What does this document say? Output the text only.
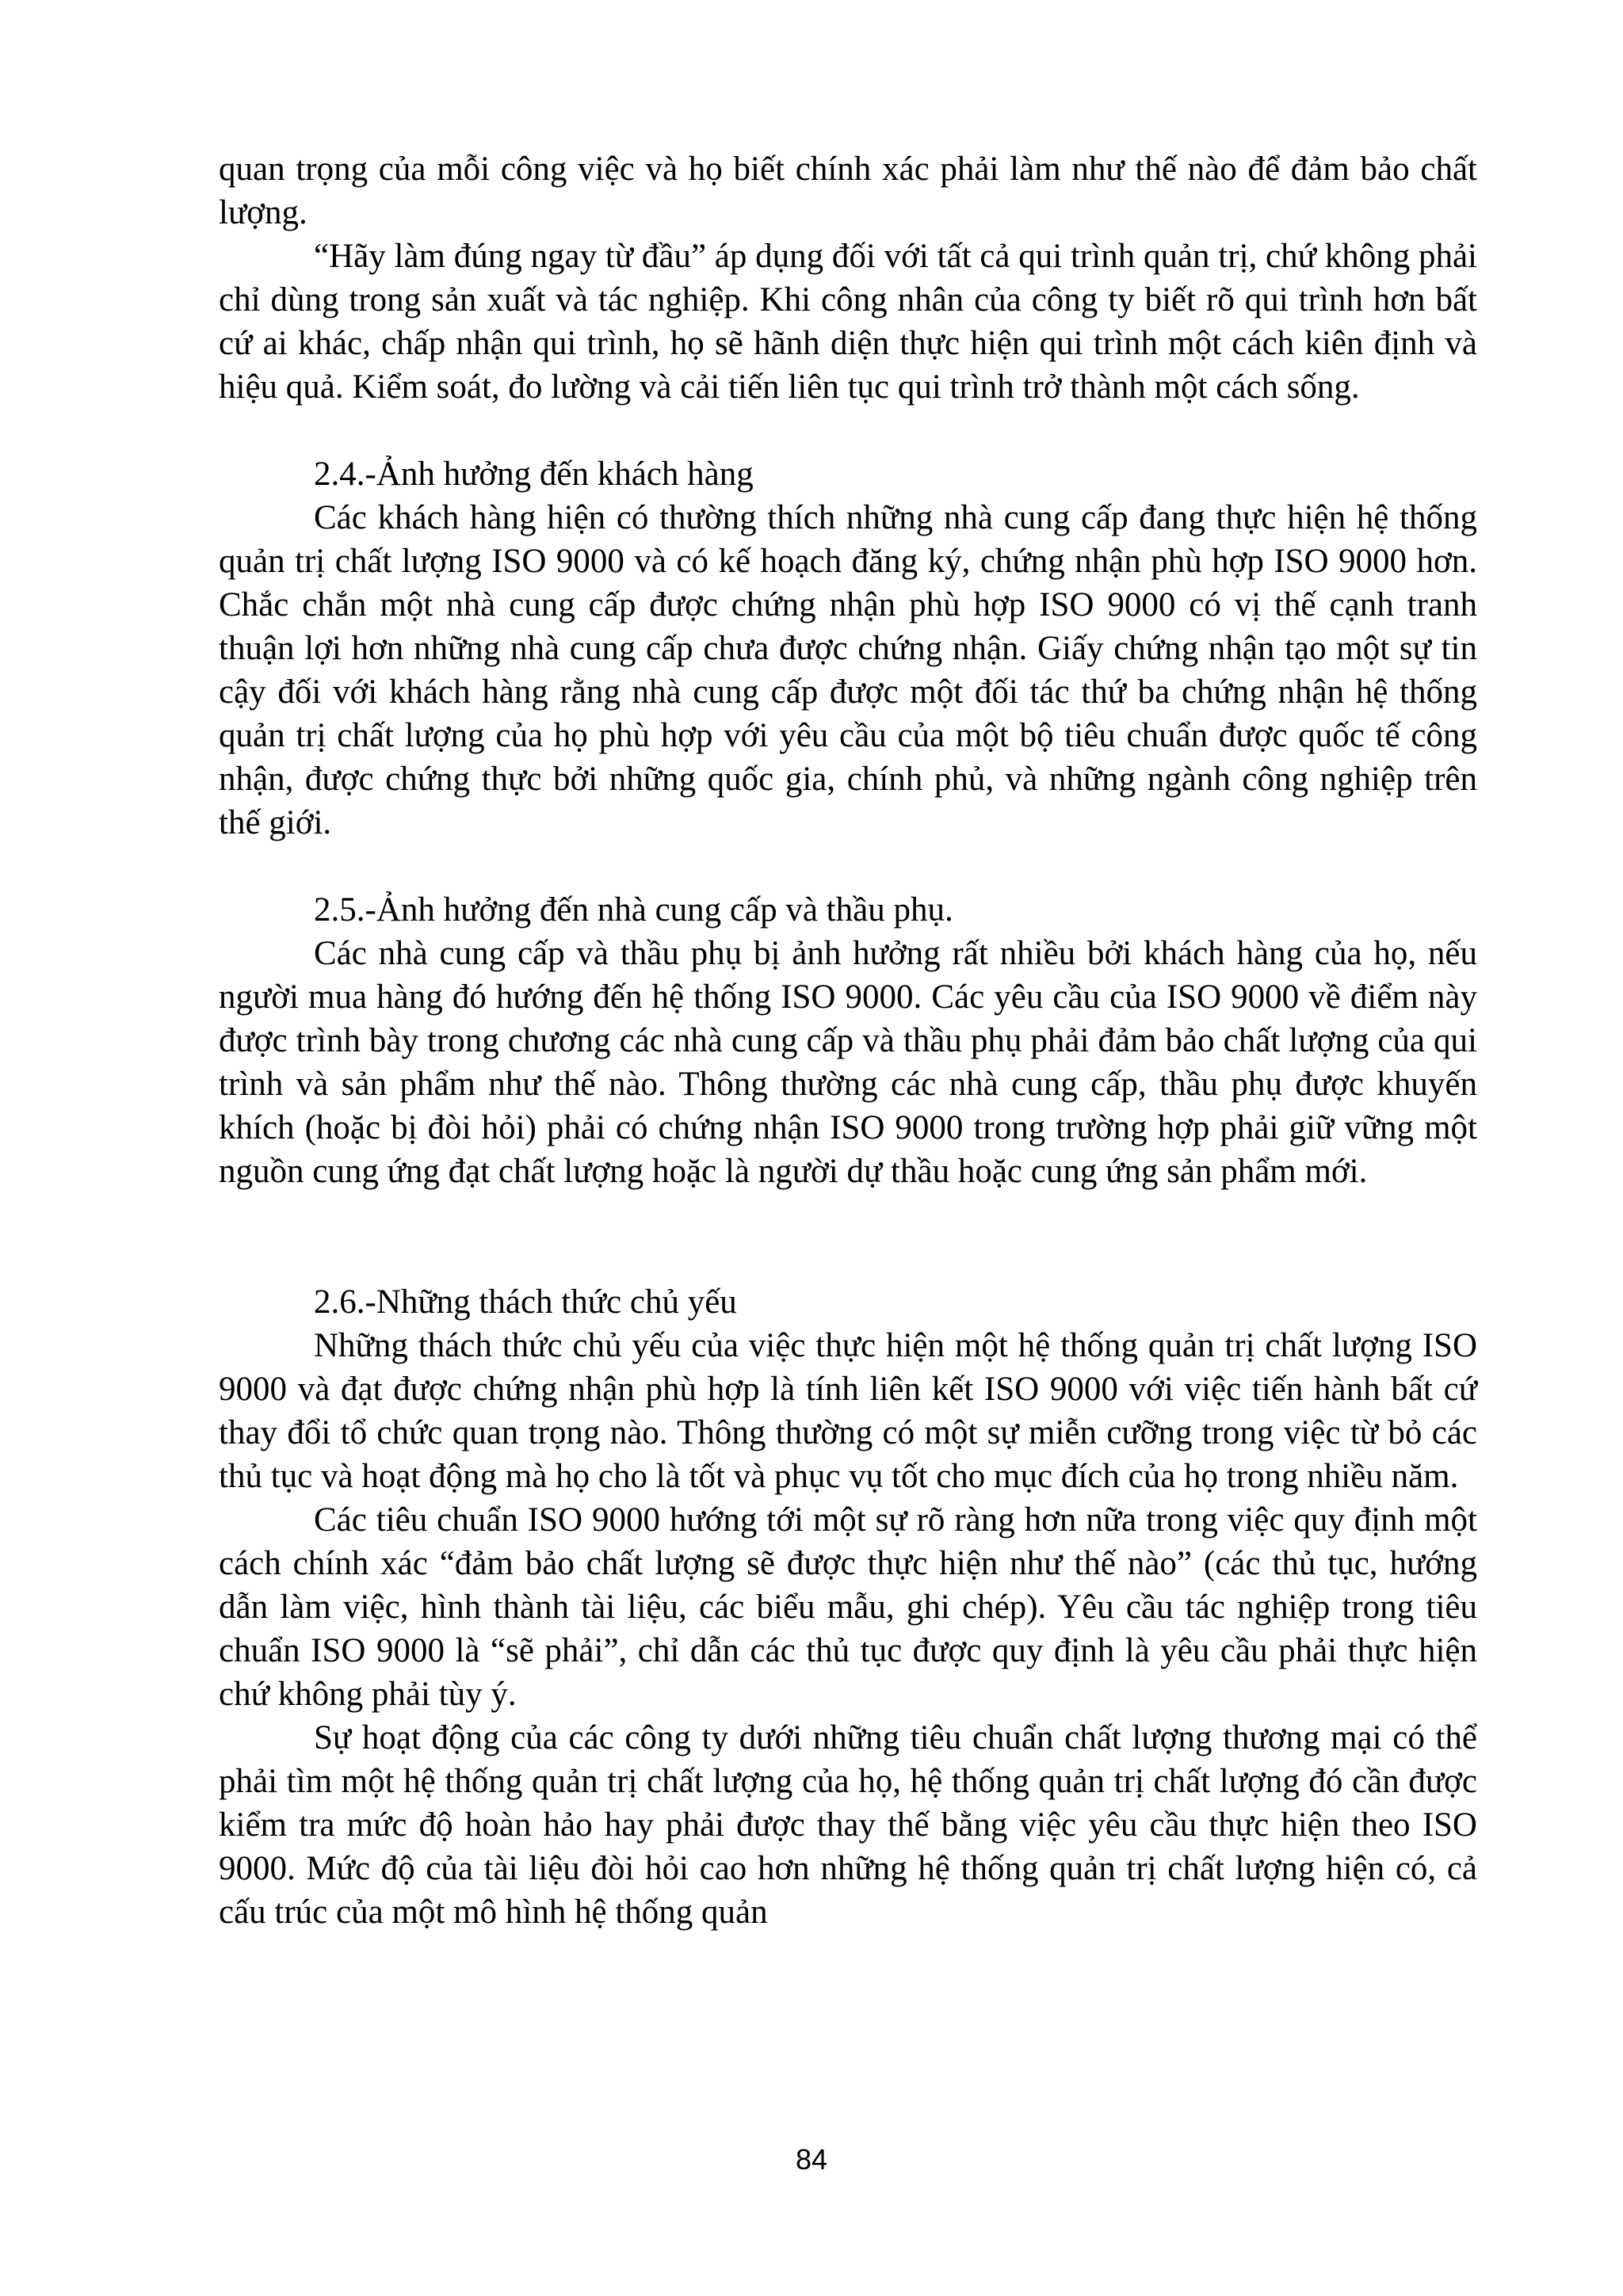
quan trọng của mỗi công việc và họ biết chính xác phải làm như thế nào để đảm bảo chất lượng.

“Hãy làm đúng ngay từ đầu” áp dụng đối với tất cả qui trình quản trị, chứ không phải chỉ dùng trong sản xuất và tác nghiệp. Khi công nhân của công ty biết rõ qui trình hơn bất cứ ai khác, chấp nhận qui trình, họ sẽ hãnh diện thực hiện qui trình một cách kiên định và hiệu quả. Kiểm soát, đo lường và cải tiến liên tục qui trình trở thành một cách sống.

2.4.-Ảnh hưởng đến khách hàng

Các khách hàng hiện có thường thích những nhà cung cấp đang thực hiện hệ thống quản trị chất lượng ISO 9000 và có kế hoạch đăng ký, chứng nhận phù hợp ISO 9000 hơn. Chắc chắn một nhà cung cấp được chứng nhận phù hợp ISO 9000 có vị thế cạnh tranh thuận lợi hơn những nhà cung cấp chưa được chứng nhận. Giấy chứng nhận tạo một sự tin cậy đối với khách hàng rằng nhà cung cấp được một đối tác thứ ba chứng nhận hệ thống quản trị chất lượng của họ phù hợp với yêu cầu của một bộ tiêu chuẩn được quốc tế công nhận, được chứng thực bởi những quốc gia, chính phủ, và những ngành công nghiệp trên thế giới.

2.5.-Ảnh hưởng đến nhà cung cấp và thầu phụ.

Các nhà cung cấp và thầu phụ bị ảnh hưởng rất nhiều bởi khách hàng của họ, nếu người mua hàng đó hướng đến hệ thống ISO 9000. Các yêu cầu của ISO 9000 về điểm này được trình bày trong chương các nhà cung cấp và thầu phụ phải đảm bảo chất lượng của qui trình và sản phẩm như thế nào. Thông thường các nhà cung cấp, thầu phụ được khuyến khích (hoặc bị đòi hỏi) phải có chứng nhận ISO 9000 trong trường hợp phải giữ vững một nguồn cung ứng đạt chất lượng hoặc là người dự thầu hoặc cung ứng sản phẩm mới.

2.6.-Những thách thức chủ yếu

Những thách thức chủ yếu của việc thực hiện một hệ thống quản trị chất lượng ISO 9000 và đạt được chứng nhận phù hợp là tính liên kết ISO 9000 với việc tiến hành bất cứ thay đổi tổ chức quan trọng nào. Thông thường có một sự miễn cưỡng trong việc từ bỏ các thủ tục và hoạt động mà họ cho là tốt và phục vụ tốt cho mục đích của họ trong nhiều năm.

Các tiêu chuẩn ISO 9000 hướng tới một sự rõ ràng hơn nữa trong việc quy định một cách chính xác “đảm bảo chất lượng sẽ được thực hiện như thế nào” (các thủ tục, hướng dẫn làm việc, hình thành tài liệu, các biểu mẫu, ghi chép). Yêu cầu tác nghiệp trong tiêu chuẩn ISO 9000 là “sẽ phải”, chỉ dẫn các thủ tục được quy định là yêu cầu phải thực hiện chứ không phải tùy ý.

Sự hoạt động của các công ty dưới những tiêu chuẩn chất lượng thương mại có thể phải tìm một hệ thống quản trị chất lượng của họ, hệ thống quản trị chất lượng đó cần được kiểm tra mức độ hoàn hảo hay phải được thay thế bằng việc yêu cầu thực hiện theo ISO 9000. Mức độ của tài liệu đòi hỏi cao hơn những hệ thống quản trị chất lượng hiện có, cả cấu trúc của một mô hình hệ thống quản

84
